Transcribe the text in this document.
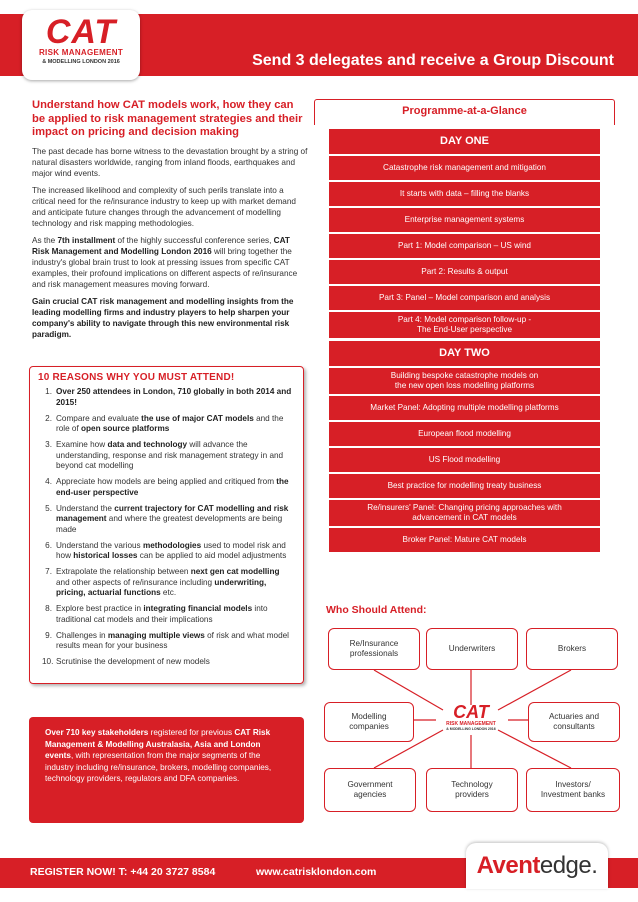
Send 3 delegates and receive a Group Discount
CAT
RISK MANAGEMENT
& MODELLING LONDON 2016
Understand how CAT models work, how they can be applied to risk management strategies and their impact on pricing and decision making

The past decade has borne witness to the devastation brought by a string of natural disasters worldwide, ranging from inland floods, earthquakes and major wind events.

The increased likelihood and complexity of such perils translate into a critical need for the re/insurance industry to keep up with market demand and anticipate future changes through the advancement of modelling technology and risk mapping methodologies.

As the 7th installment of the highly successful conference series, CAT Risk Management and Modelling London 2016 will bring together the industry's global brain trust to look at pressing issues from specific CAT examples, their profound implications on different aspects of re/insurance and risk management measures moving forward.

Gain crucial CAT risk management and modelling insights from the leading modelling firms and industry players to help sharpen your company's ability to navigate through this new environmental risk paradigm.

10 REASONS WHY YOU MUST ATTEND!
1. Over 250 attendees in London, 710 globally in both 2014 and 2015!
2. Compare and evaluate the use of major CAT models and the role of open source platforms
3. Examine how data and technology will advance the understanding, response and risk management strategy in and beyond cat modelling
4. Appreciate how models are being applied and critiqued from the end-user perspective
5. Understand the current trajectory for CAT modelling and risk management and where the greatest developments are being made
6. Understand the various methodologies used to model risk and how historical losses can be applied to aid model adjustments
7. Extrapolate the relationship between next gen cat modelling and other aspects of re/insurance including underwriting, pricing, actuarial functions etc.
8. Explore best practice in integrating financial models into traditional cat models and their implications
9. Challenges in managing multiple views of risk and what model results mean for your business
10. Scrutinise the development of new models
Over 710 key stakeholders registered for previous CAT Risk Management & Modelling Australasia, Asia and London events, with representation from the major segments of the industry including re/insurance, brokers, modelling companies, technology providers, regulators and DFA companies.
Programme-at-a-Glance
DAY ONE
Catastrophe risk management and mitigation
It starts with data – filling the blanks
Enterprise management systems
Part 1: Model comparison – US wind
Part 2: Results & output
Part 3: Panel – Model comparison and analysis
Part 4: Model comparison follow-up -
The End-User perspective
DAY TWO
Building bespoke catastrophe models on
the new open loss modelling platforms
Market Panel: Adopting multiple modelling platforms
European flood modelling
US Flood modelling
Best practice for modelling treaty business
Re/insurers' Panel: Changing pricing approaches with
advancement in CAT models
Broker Panel: Mature CAT models
Who Should Attend:
Re/Insurance
professionals
Underwriters	Brokers
Modelling
companies
Actuaries and
consultants
Government
agencies
Technology
providers
Investors/
Investment banks
CAT
RISK MANAGEMENT
& MODELLING LONDON 2016
REGISTER NOW! T: +44 20 3727 8584	www.catrisklondon.com	Aventedge.
